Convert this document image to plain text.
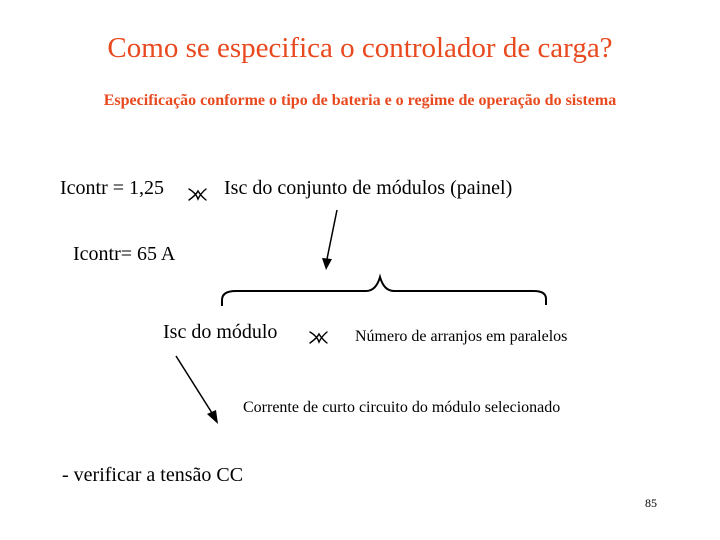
Como se especifica o controlador de carga?
Especificação conforme o tipo de bateria e o regime de operação do sistema
Icontr = 1,25	Isc do conjunto de módulos (painel)
Icontr= 65 A
Isc do módulo	Número de arranjos em paralelos
Corrente de curto circuito do módulo selecionado
- verificar a tensão CC
85
